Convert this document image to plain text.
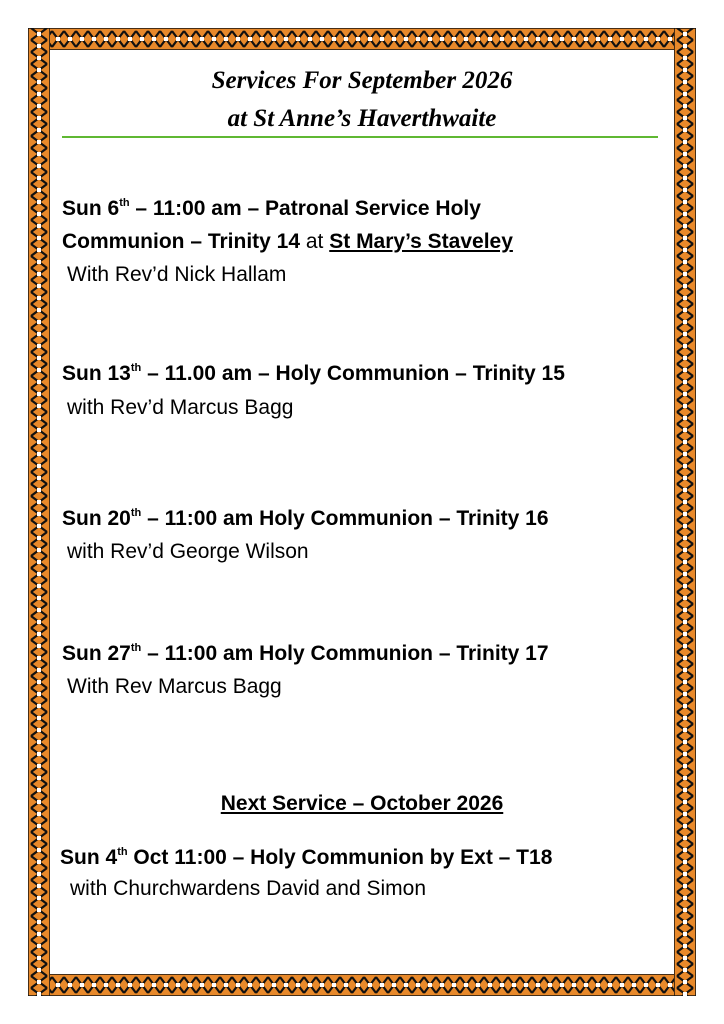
Services For September 2026
at St Anne’s Haverthwaite
Sun 6th – 11:00 am – Patronal Service Holy
Communion – Trinity 14 at St Mary’s Staveley
With Rev’d Nick Hallam
Sun 13th – 11.00 am – Holy Communion – Trinity 15
with Rev’d Marcus Bagg
Sun 20th – 11:00 am Holy Communion – Trinity 16
with Rev’d George Wilson
Sun 27th – 11:00 am Holy Communion – Trinity 17
With Rev Marcus Bagg
Next Service – October 2026
Sun 4th Oct 11:00 – Holy Communion by Ext – T18
with Churchwardens David and Simon
